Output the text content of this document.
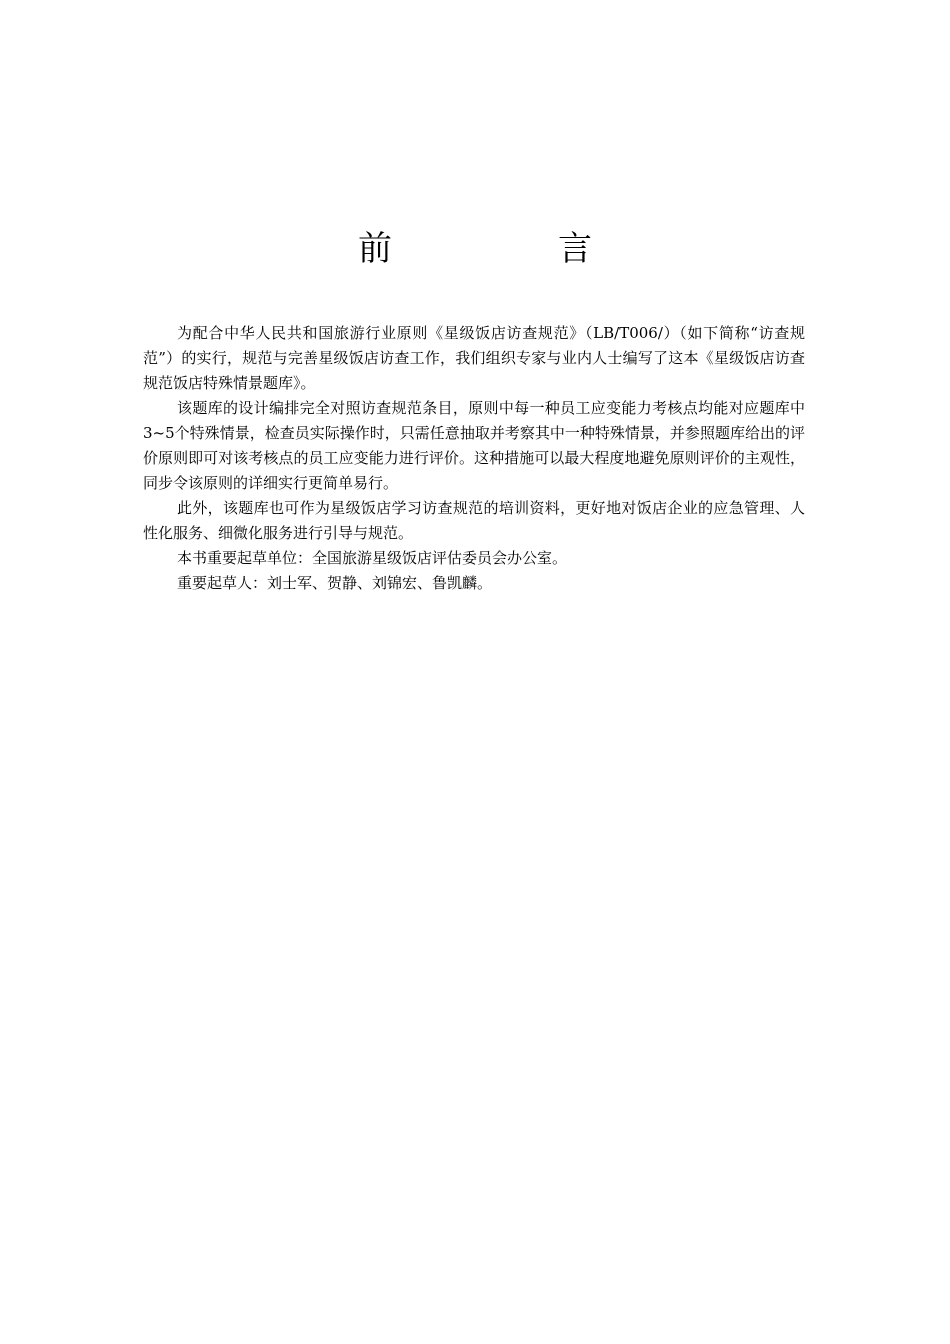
前　言

为配合中华人民共和国旅游行业原则《星级饭店访查规范》（LB/T006/）（如下简称“访查规范”）的实行，规范与完善星级饭店访查工作，我们组织专家与业内人士编写了这本《星级饭店访查规范饭店特殊情景题库》。

该题库的设计编排完全对照访查规范条目，原则中每一种员工应变能力考核点均能对应题库中3~5个特殊情景，检查员实际操作时，只需任意抽取并考察其中一种特殊情景，并参照题库给出的评价原则即可对该考核点的员工应变能力进行评价。这种措施可以最大程度地避免原则评价的主观性，同步令该原则的详细实行更简单易行。

此外，该题库也可作为星级饭店学习访查规范的培训资料，更好地对饭店企业的应急管理、人性化服务、细微化服务进行引导与规范。

本书重要起草单位：全国旅游星级饭店评估委员会办公室。

重要起草人：刘士军、贺静、刘锦宏、鲁凯麟。
